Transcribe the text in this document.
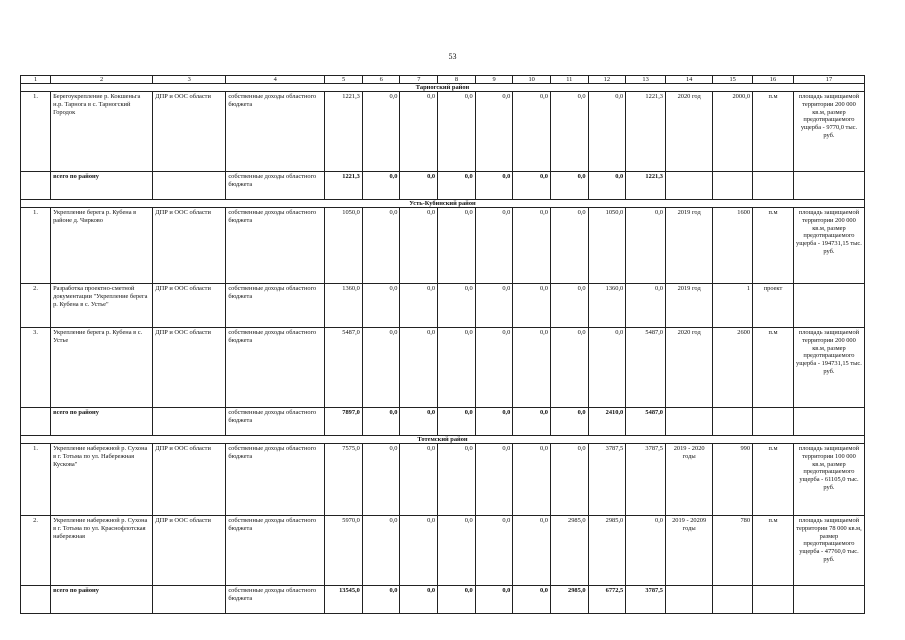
53
1	2	3	4	5	6	7	8	9	10	11	12	13	14	15	16	17
Тарногский район																
1.	Берегоукрепление р. Кокшеньга н.р. Тарнога в с. Тарногский Городок	ДПР и ООС области	собственные доходы областного бюджета	1221,3	0,0	0,0	0,0	0,0	0,0	0,0	0,0	1221,3	2020 год	2000,0	п.м	площадь защищаемой территории 200 000 кв.м, размер предотвращаемого ущерба - 9770,0 тыс. руб.
	всего по району		собственные доходы областного бюджета	1221,3	0,0	0,0	0,0	0,0	0,0	0,0	0,0	1221,3				
Усть-Кубинский район																
1.	Укрепление берега р. Кубена в районе д. Чирково	ДПР и ООС области	собственные доходы областного бюджета	1050,0	0,0	0,0	0,0	0,0	0,0	0,0	1050,0	0,0	2019 год	1600	п.м	площадь защищаемой территории 200 000 кв.м, размер предотвращаемого ущерба - 194731,15 тыс. руб.
2.	Разработка проектно-сметной документации "Укрепление берега р. Кубена в с. Устье"	ДПР и ООС области	собственные доходы областного бюджета	1360,0	0,0	0,0	0,0	0,0	0,0	0,0	1360,0	0,0	2019 год	1	проект	
3.	Укрепление берега р. Кубена в с. Устье	ДПР и ООС области	собственные доходы областного бюджета	5487,0	0,0	0,0	0,0	0,0	0,0	0,0	0,0	5487,0	2020 год	2600	п.м	площадь защищаемой территории 200 000 кв.м, размер предотвращаемого ущерба - 194731,15 тыс. руб.
	всего по району		собственные доходы областного бюджета	7897,0	0,0	0,0	0,0	0,0	0,0	0,0	2410,0	5487,0				
Тотемский район																
1.	Укрепление набережной р. Сухона в г. Тотьма по ул. Набережная Кускова"	ДПР и ООС области	собственные доходы областного бюджета	7575,0	0,0	0,0	0,0	0,0	0,0	0,0	3787,5	3787,5	2019 - 2020 годы	990	п.м	площадь защищаемой территории 100 000 кв.м, размер предотвращаемого ущерба - 61105,0 тыс. руб.
2.	Укрепление набережной р. Сухона в г. Тотьма по ул. Краснофлотская набережная	ДПР и ООС области	собственные доходы областного бюджета	5970,0	0,0	0,0	0,0	0,0	0,0	2985,0	2985,0	0,0	2019 - 20209 годы	780	п.м	площадь защищаемой территории 78 000 кв.м, размер предотвращаемого ущерба - 47760,0 тыс. руб.
	всего по району		собственные доходы областного бюджета	13545,0	0,0	0,0	0,0	0,0	0,0	2985,0	6772,5	3787,5				
